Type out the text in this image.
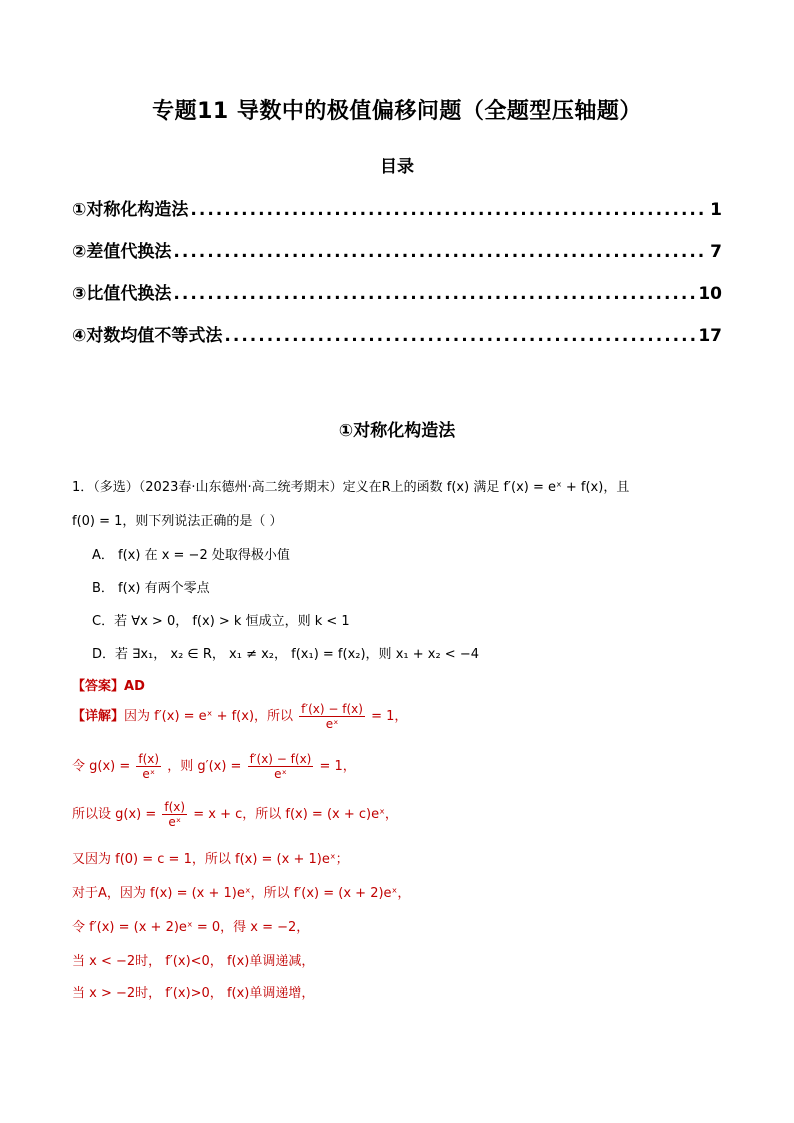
专题11 导数中的极值偏移问题（全题型压轴题）
目录
①对称化构造法 .....	1
②差值代换法 .....	7
③比值代换法 .....	10
④对数均值不等式法 .....	17
①对称化构造法
1．（多选）（2023春·山东德州·高二统考期末）定义在R上的函数 f(x) 满足 f′(x) = eˣ + f(x)，且
f(0) = 1，则下列说法正确的是（ ）
A． f(x) 在 x = −2 处取得极小值
B． f(x) 有两个零点
C．若 ∀x > 0， f(x) > k 恒成立，则 k < 1
D．若 ∃x₁， x₂ ∈ R， x₁ ≠ x₂， f(x₁) = f(x₂)，则 x₁ + x₂ < −4
【答案】AD
【详解】因为 f′(x) = eˣ + f(x)，所以 $\frac{f'(x) - f(x)}{\text{eˣ}} = 1$，
令 $g(x) = \frac{f(x)}{\text{eˣ}}$ ，则 $g'(x) = \frac{f'(x) - f(x)}{\text{eˣ}} = 1$，
所以设 $g(x) = \frac{f(x)}{\text{eˣ}} = x + c$，所以 f(x) = (x + c)eˣ，
又因为 f(0) = c = 1，所以 f(x) = (x + 1)eˣ；
对于A，因为 f(x) = (x + 1)eˣ，所以 f′(x) = (x + 2)eˣ，
令 f′(x) = (x + 2)eˣ = 0，得 x = −2，
当 x < −2时， f′(x)<0， f(x)单调递减，
当 x > −2时， f′(x)>0， f(x)单调递增，
